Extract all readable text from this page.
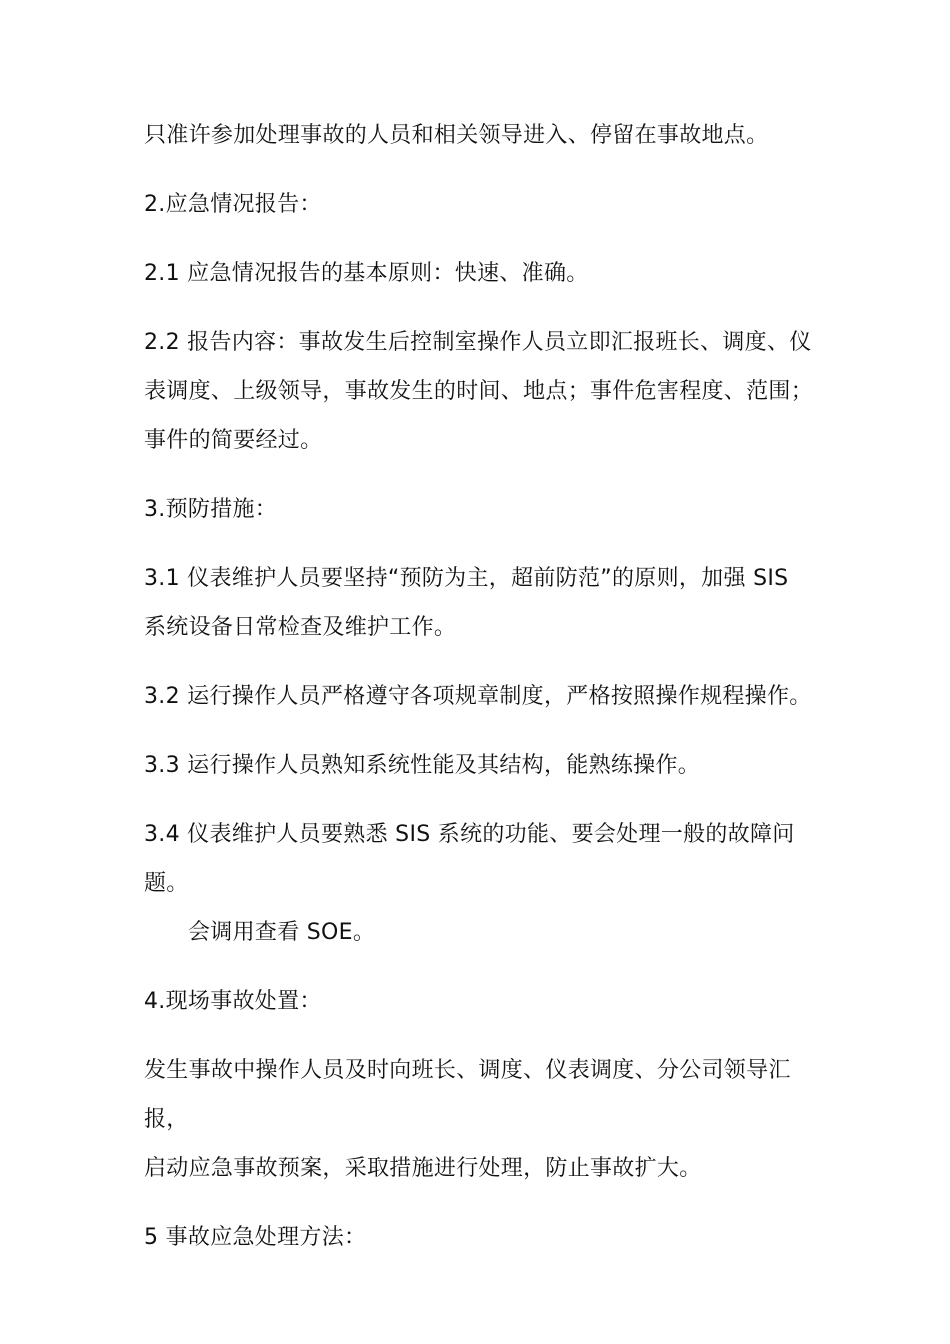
只准许参加处理事故的人员和相关领导进入、停留在事故地点。

2.应急情况报告：

2.1 应急情况报告的基本原则：快速、准确。

2.2 报告内容：事故发生后控制室操作人员立即汇报班长、调度、仪
表调度、上级领导，事故发生的时间、地点；事件危害程度、范围；
事件的简要经过。

3.预防措施：

3.1 仪表维护人员要坚持“预防为主，超前防范”的原则，加强 SIS
系统设备日常检查及维护工作。

3.2 运行操作人员严格遵守各项规章制度，严格按照操作规程操作。

3.3 运行操作人员熟知系统性能及其结构，能熟练操作。

3.4 仪表维护人员要熟悉 SIS 系统的功能、要会处理一般的故障问题。
会调用查看 SOE。

4.现场事故处置：

发生事故中操作人员及时向班长、调度、仪表调度、分公司领导汇报，
启动应急事故预案，采取措施进行处理，防止事故扩大。

5 事故应急处理方法：
